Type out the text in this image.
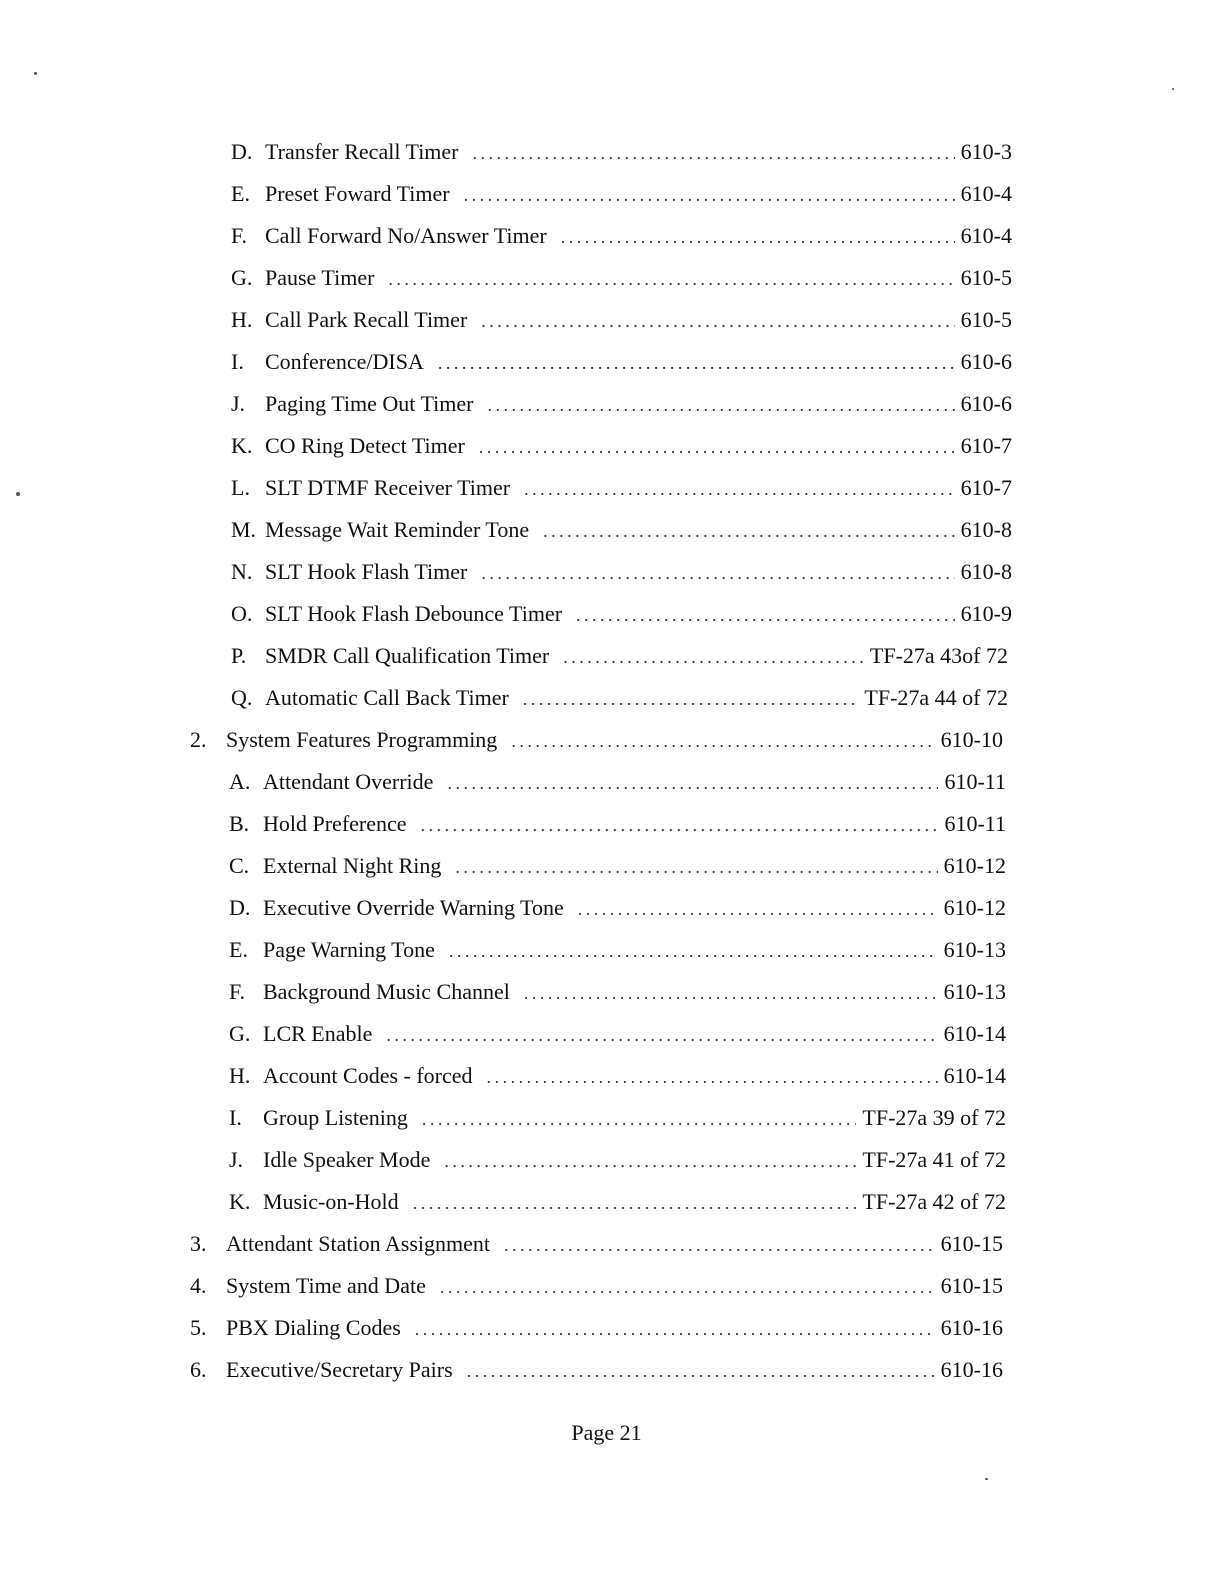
D. Transfer Recall Timer . . .	610-3
E. Preset Foward Timer . . .	610-4
F. Call Forward No/Answer Timer . . .	610-4
G. Pause Timer . . .	610-5
H. Call Park Recall Timer . . .	610-5
I. Conference/DISA . . .	610-6
J. Paging Time Out Timer . . .	610-6
K. CO Ring Detect Timer . . .	610-7
L. SLT DTMF Receiver Timer . . .	610-7
M. Message Wait Reminder Tone . . .	610-8
N. SLT Hook Flash Timer . . .	610-8
O. SLT Hook Flash Debounce Timer . . .	610-9
P. SMDR Call Qualification Timer . . .	TF-27a 43of 72
Q. Automatic Call Back Timer . . .	TF-27a 44 of 72
2. System Features Programming . . .	610-10
A. Attendant Override . . .	610-11
B. Hold Preference . . .	610-11
C. External Night Ring . . .	610-12
D. Executive Override Warning Tone . . .	610-12
E. Page Warning Tone . . .	610-13
F. Background Music Channel . . .	610-13
G. LCR Enable . . .	610-14
H. Account Codes - forced . . .	610-14
I. Group Listening . . .	TF-27a 39 of 72
J. Idle Speaker Mode . . .	TF-27a 41 of 72
K. Music-on-Hold . . .	TF-27a 42 of 72
3. Attendant Station Assignment . . .	610-15
4. System Time and Date . . .	610-15
5. PBX Dialing Codes . . .	610-16
6. Executive/Secretary Pairs . . .	610-16
Page 21
